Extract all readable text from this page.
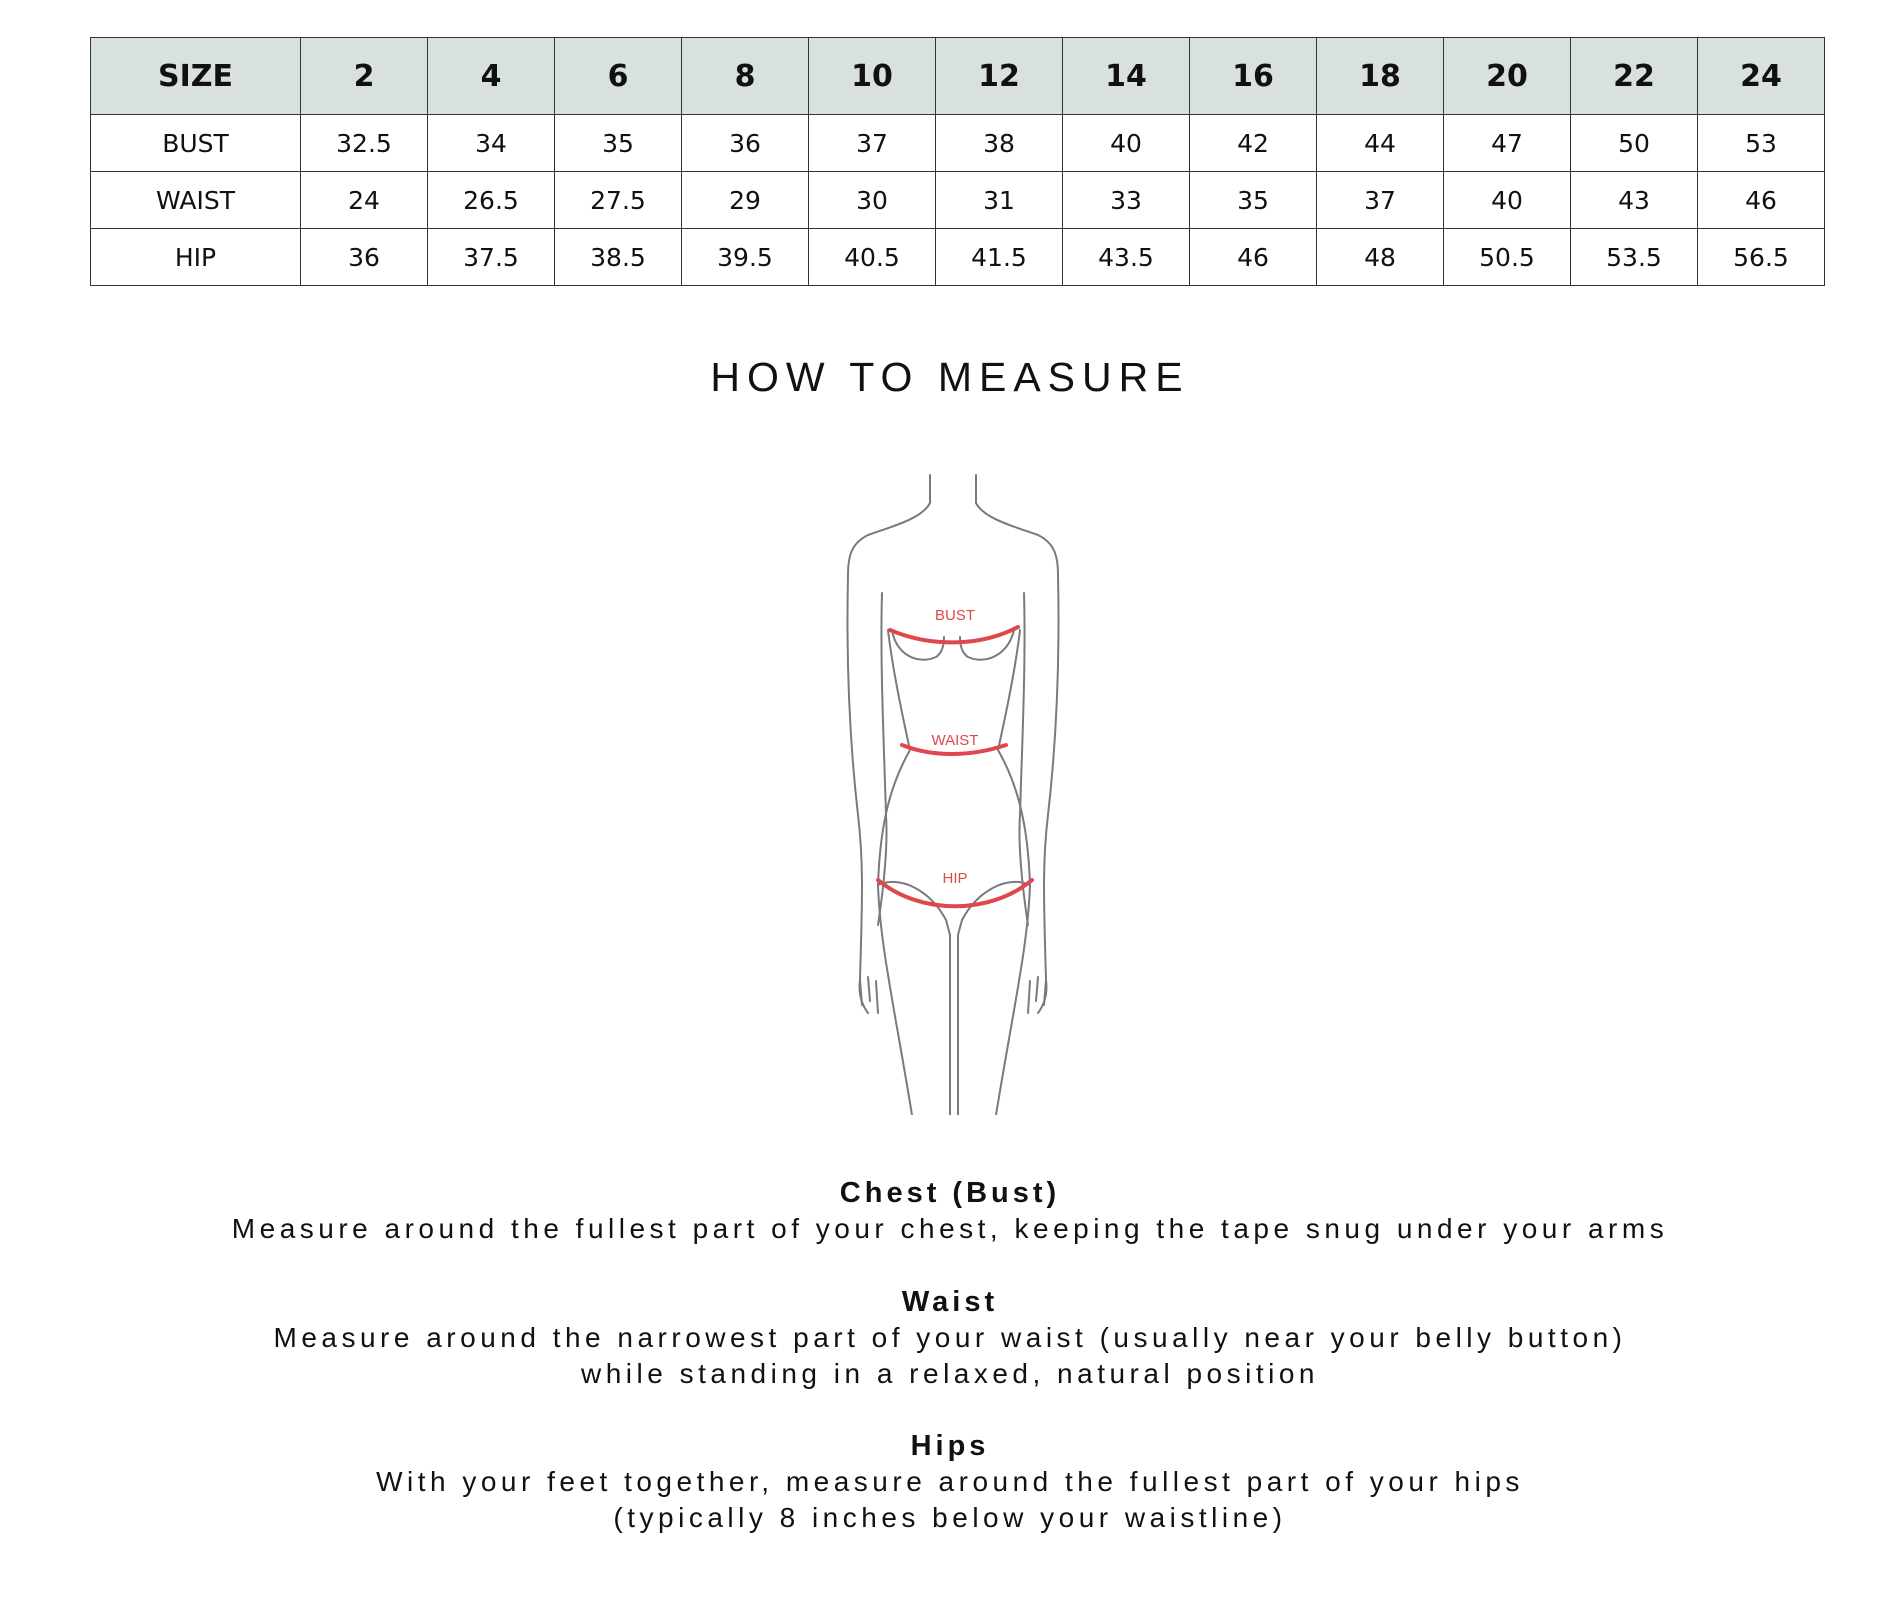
SIZE	2	4	6	8	10	12	14	16	18	20	22	24
BUST	32.5	34	35	36	37	38	40	42	44	47	50	53
WAIST	24	26.5	27.5	29	30	31	33	35	37	40	43	46
HIP	36	37.5	38.5	39.5	40.5	41.5	43.5	46	48	50.5	53.5	56.5
HOW TO MEASURE
BUST
WAIST
HIP
Chest (Bust)
Measure around the fullest part of your chest, keeping the tape snug under your arms
Waist
Measure around the narrowest part of your waist (usually near your belly button)
while standing in a relaxed, natural position
Hips
With your feet together, measure around the fullest part of your hips
(typically 8 inches below your waistline)
